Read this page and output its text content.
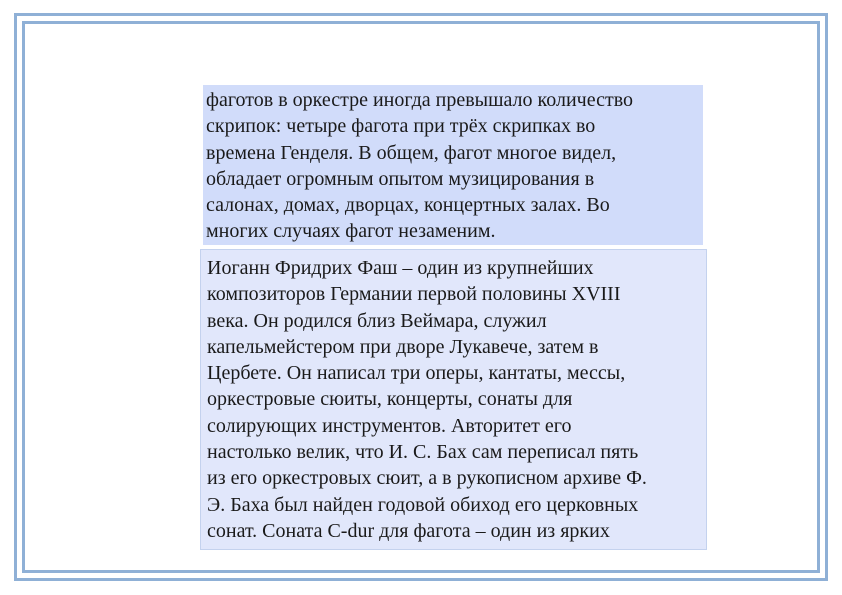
фаготов в оркестре иногда превышало количество
скрипок: четыре фагота при трёх скрипках во
времена Генделя. В общем, фагот многое видел,
обладает огромным опытом музицирования в
салонах, домах, дворцах, концертных залах. Во
многих случаях фагот незаменим.
Иоганн Фридрих Фаш – один из крупнейших
композиторов Германии первой половины XVIII
века. Он родился близ Веймара, служил
капельмейстером при дворе Лукавече, затем в
Цербете. Он написал три оперы, кантаты, мессы,
оркестровые сюиты, концерты, сонаты для
солирующих инструментов. Авторитет его
настолько велик, что И. С. Бах сам переписал пять
из его оркестровых сюит, а в рукописном архиве Ф.
Э. Баха был найден годовой обиход его церковных
сонат. Соната C-dur для фагота – один из ярких
